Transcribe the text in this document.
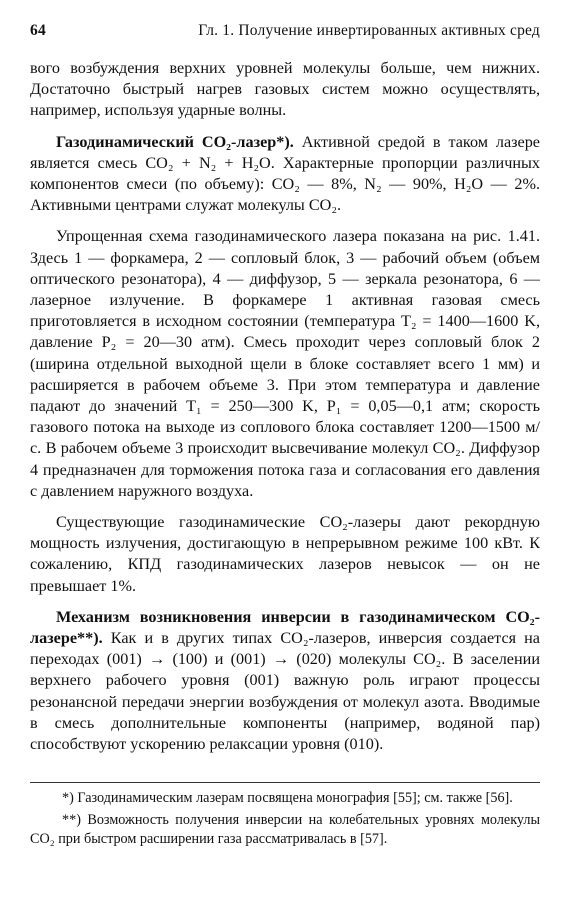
64	Гл. 1. Получение инвертированных активных сред

вого возбуждения верхних уровней молекулы больше, чем нижних. Достаточно быстрый нагрев газовых систем можно осуществлять, например, используя ударные волны.

Газодинамический CO₂-лазер*). Активной средой в таком лазере является смесь CO₂ + N₂ + H₂O. Характерные пропорции различных компонентов смеси (по объему): CO₂ — 8%, N₂ — 90%, H₂O — 2%. Активными центрами служат молекулы CO₂.

Упрощенная схема газодинамического лазера показана на рис. 1.41. Здесь 1 — форкамера, 2 — сопловый блок, 3 — рабочий объем (объем оптического резонатора), 4 — диффузор, 5 — зеркала резонатора, 6 — лазерное излучение. В форкамере 1 активная газовая смесь приготовляется в исходном состоянии (температура T₂ = 1400—1600 K, давление P₂ = 20—30 атм). Смесь проходит через сопловый блок 2 (ширина отдельной выходной щели в блоке составляет всего 1 мм) и расширяется в рабочем объеме 3. При этом температура и давление падают до значений T₁ = 250—300 K, P₁ = 0,05—0,1 атм; скорость газового потока на выходе из соплового блока составляет 1200—1500 м/с. В рабочем объеме 3 происходит высвечивание молекул CO₂. Диффузор 4 предназначен для торможения потока газа и согласования его давления с давлением наружного воздуха.

Существующие газодинамические CO₂-лазеры дают рекордную мощность излучения, достигающую в непрерывном режиме 100 кВт. К сожалению, КПД газодинамических лазеров невысок — он не превышает 1%.

Механизм возникновения инверсии в газодинамическом CO₂-лазере**). Как и в других типах CO₂-лазеров, инверсия создается на переходах (001) → (100) и (001) → (020) молекулы CO₂. В заселении верхнего рабочего уровня (001) важную роль играют процессы резонансной передачи энергии возбуждения от молекул азота. Вводимые в смесь дополнительные компоненты (например, водяной пар) способствуют ускорению релаксации уровня (010).

*) Газодинамическим лазерам посвящена монография [55]; см. также [56].

**) Возможность получения инверсии на колебательных уровнях молекулы CO₂ при быстром расширении газа рассматривалась в [57].
